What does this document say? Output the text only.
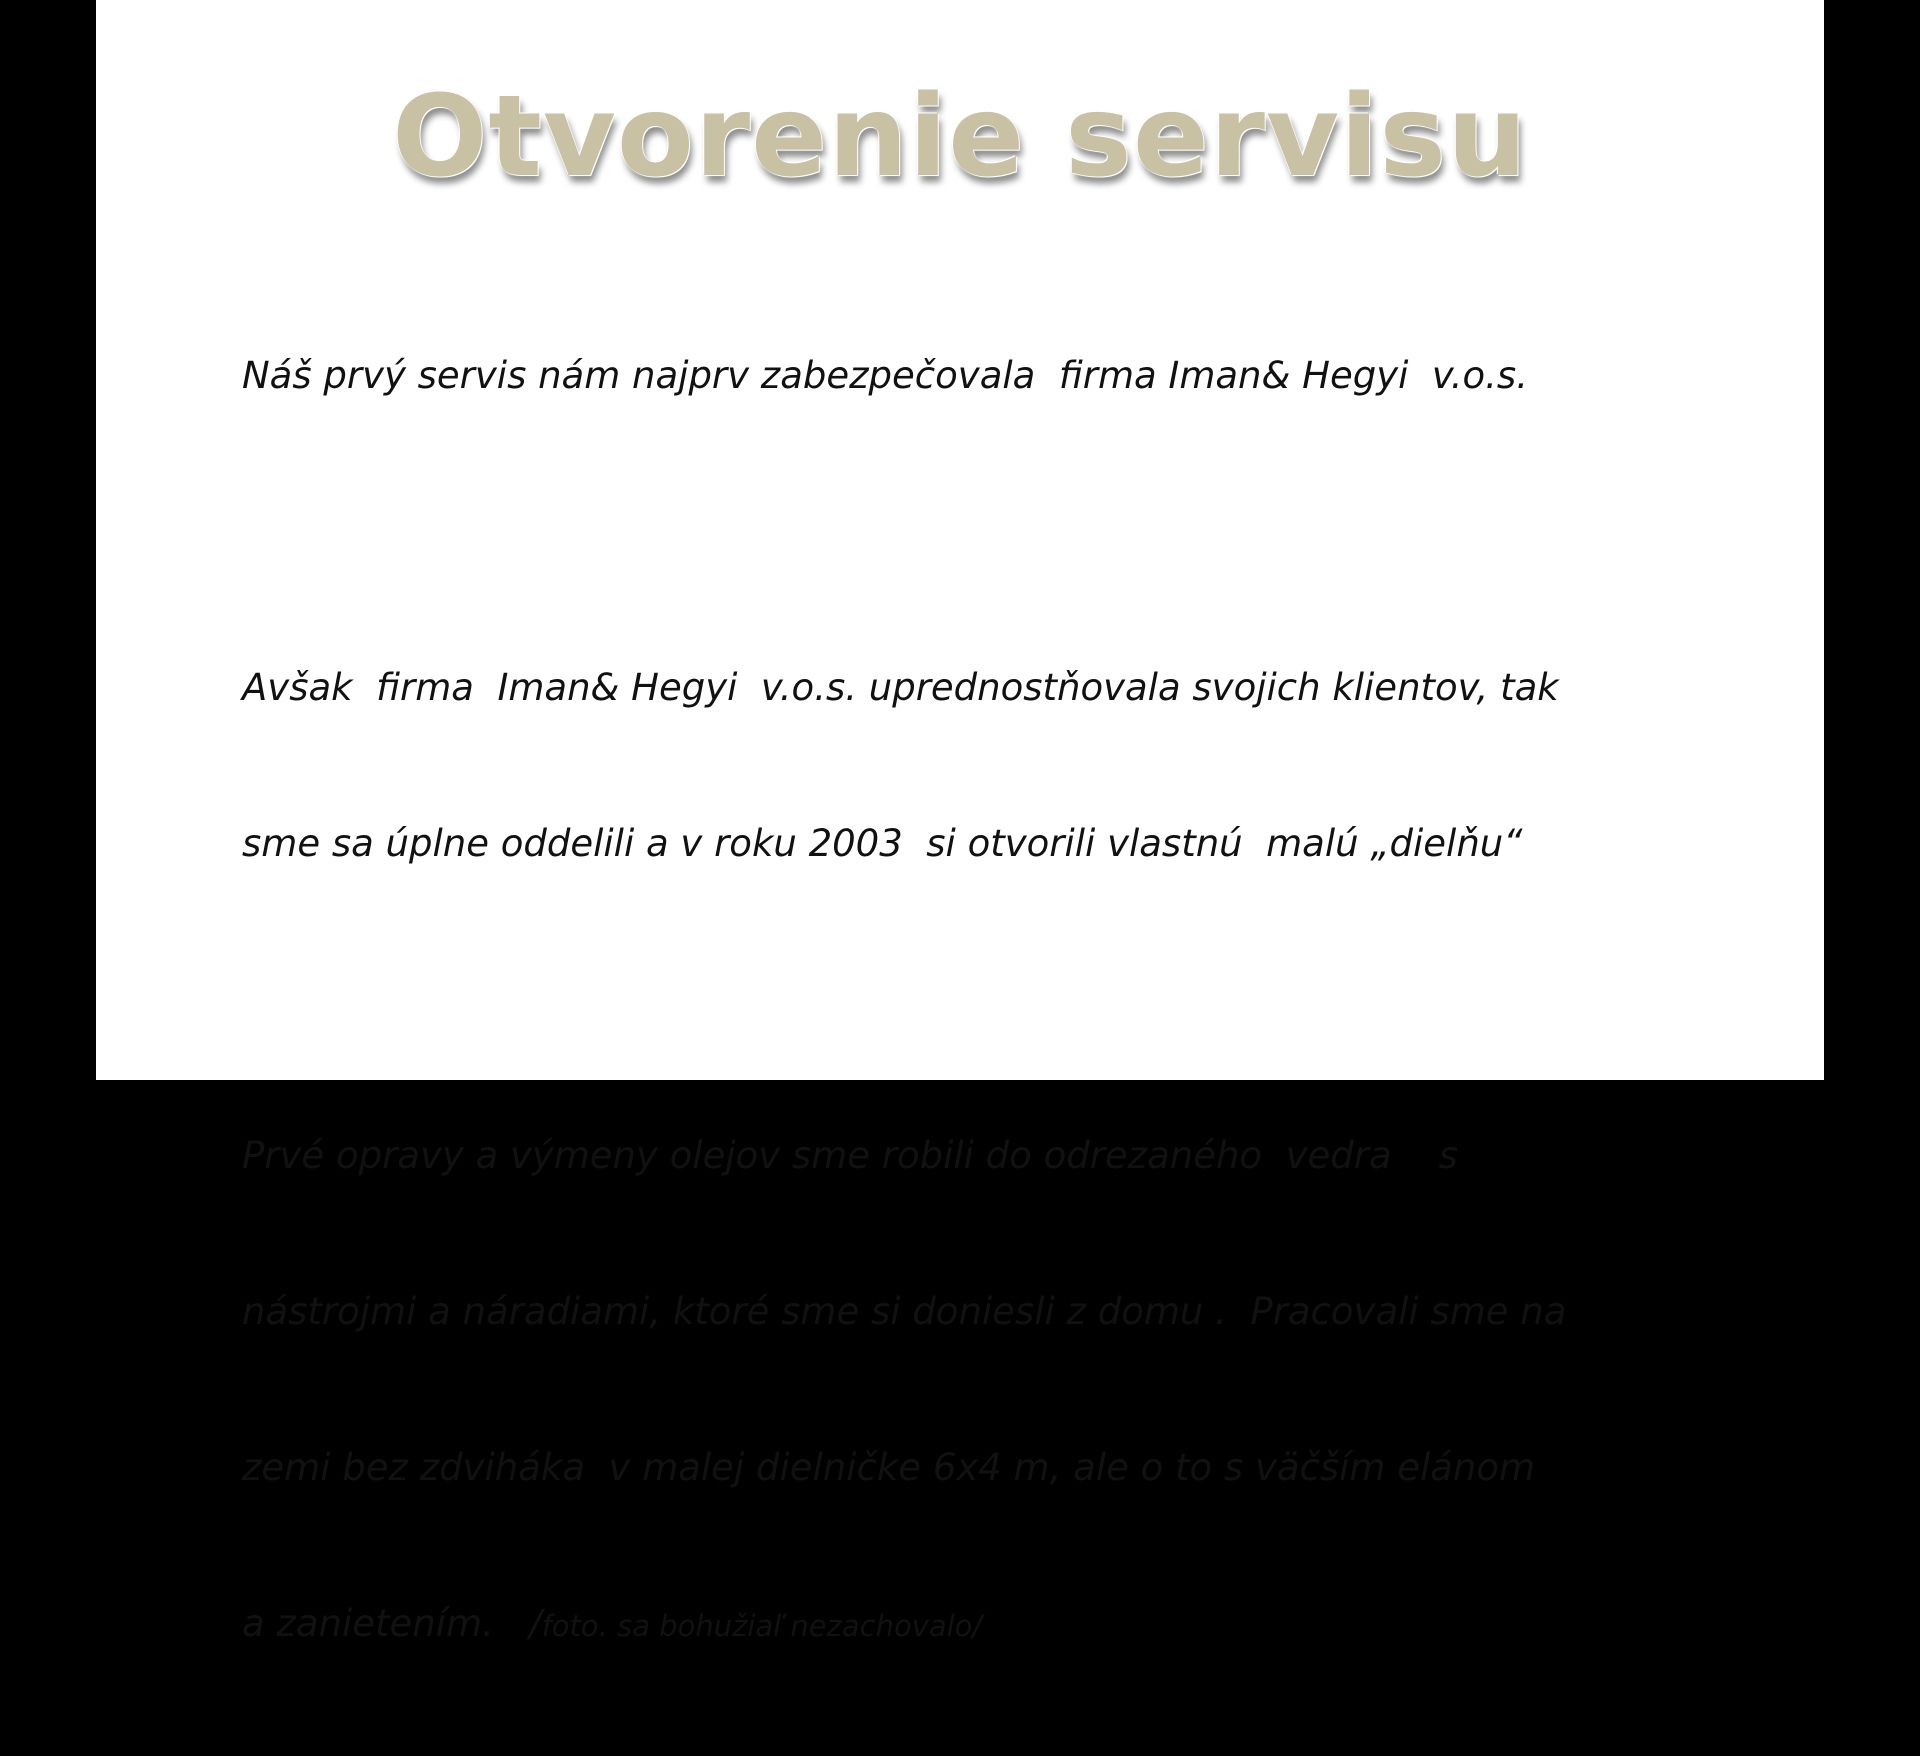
Otvorenie servisu

Náš prvý servis nám najprv zabezpečovala  firma Iman& Hegyi  v.o.s.

Avšak  firma  Iman& Hegyi  v.o.s. uprednostňovala svojich klientov, tak

sme sa úplne oddelili a v roku 2003  si otvorili vlastnú  malú „dielňu“

Prvé opravy a výmeny olejov sme robili do odrezaného  vedra    s

nástrojmi a náradiami, ktoré sme si doniesli z domu .  Pracovali sme na

zemi bez zdviháka  v malej dielničke 6x4 m, ale o to s väčším elánom

a zanietením.   /foto. sa bohužiaľ nezachovalo/
